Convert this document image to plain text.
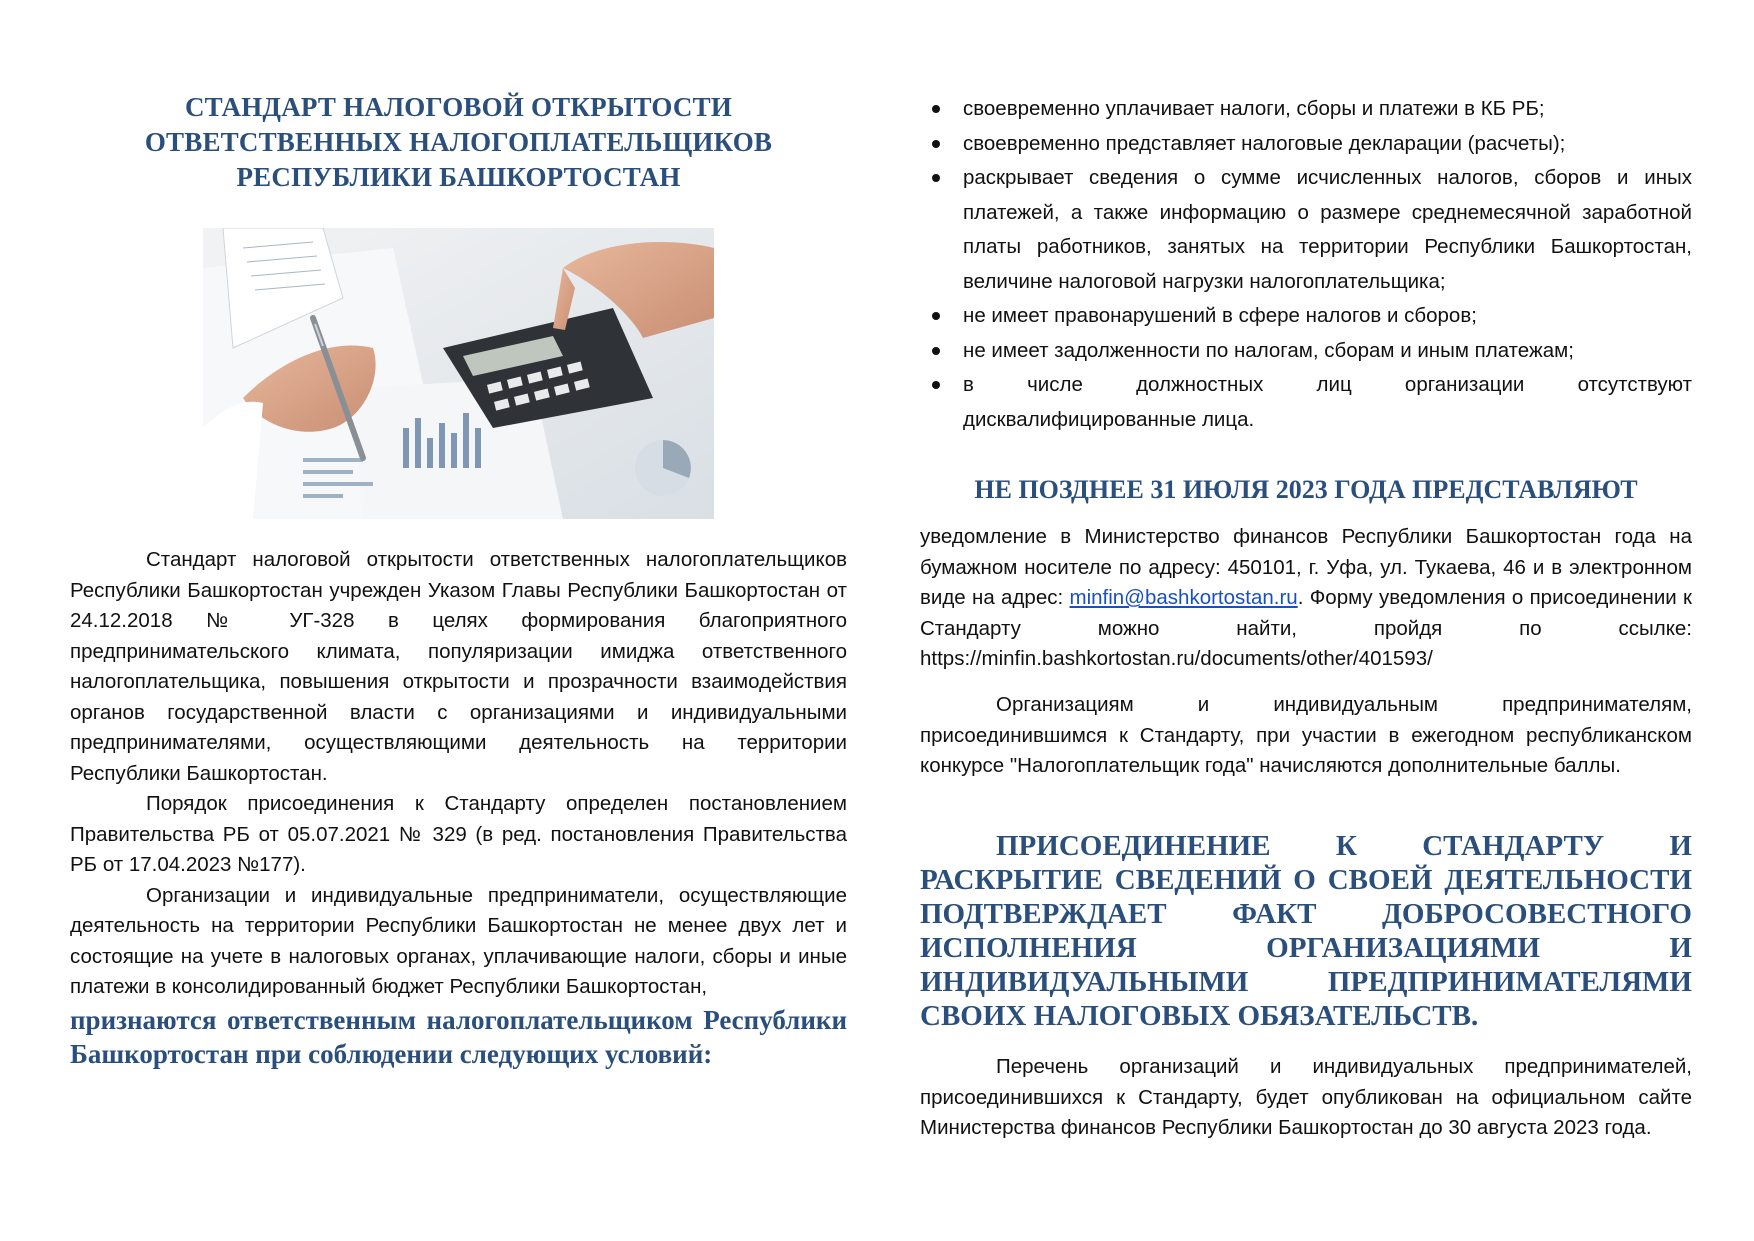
СТАНДАРТ НАЛОГОВОЙ ОТКРЫТОСТИ
ОТВЕТСТВЕННЫХ НАЛОГОПЛАТЕЛЬЩИКОВ
РЕСПУБЛИКИ БАШКОРТОСТАН

Стандарт налоговой открытости ответственных налогоплательщиков Республики Башкортостан учрежден Указом Главы Республики Башкортостан от 24.12.2018 № УГ-328 в целях формирования благоприятного предпринимательского климата, популяризации имиджа ответственного налогоплательщика, повышения открытости и прозрачности взаимодействия органов государственной власти с организациями и индивидуальными предпринимателями, осуществляющими деятельность на территории Республики Башкортостан.

Порядок присоединения к Стандарту определен постановлением Правительства РБ от 05.07.2021 № 329 (в ред. постановления Правительства РБ от 17.04.2023 №177).

Организации и индивидуальные предприниматели, осуществляющие деятельность на территории Республики Башкортостан не менее двух лет и состоящие на учете в налоговых органах, уплачивающие налоги, сборы и иные платежи в консолидированный бюджет Республики Башкортостан,

признаются ответственным налогоплательщиком Республики Башкортостан при соблюдении следующих условий:

своевременно уплачивает налоги, сборы и платежи в КБ РБ;
своевременно представляет налоговые декларации (расчеты);
раскрывает сведения о сумме исчисленных налогов, сборов и иных платежей, а также информацию о размере среднемесячной заработной платы работников, занятых на территории Республики Башкортостан, величине налоговой нагрузки налогоплательщика;
не имеет правонарушений в сфере налогов и сборов;
не имеет задолженности по налогам, сборам и иным платежам;
в числе должностных лиц организации отсутствуют дисквалифицированные лица.
НЕ ПОЗДНЕЕ 31 ИЮЛЯ 2023 ГОДА ПРЕДСТАВЛЯЮТ

уведомление в Министерство финансов Республики Башкортостан года на бумажном носителе по адресу: 450101, г. Уфа, ул. Тукаева, 46 и в электронном виде на адрес: minfin@bashkortostan.ru. Форму уведомления о присоединении к Стандарту можно найти, пройдя по ссылке: https://minfin.bashkortostan.ru/documents/other/401593/

Организациям и индивидуальным предпринимателям, присоединившимся к Стандарту, при участии в ежегодном республиканском конкурсе "Налогоплательщик года" начисляются дополнительные баллы.

ПРИСОЕДИНЕНИЕ К СТАНДАРТУ И РАСКРЫТИЕ СВЕДЕНИЙ О СВОЕЙ ДЕЯТЕЛЬНОСТИ ПОДТВЕРЖДАЕТ ФАКТ ДОБРОСОВЕСТНОГО ИСПОЛНЕНИЯ ОРГАНИЗАЦИЯМИ И ИНДИВИДУАЛЬНЫМИ ПРЕДПРИНИМАТЕЛЯМИ СВОИХ НАЛОГОВЫХ ОБЯЗАТЕЛЬСТВ.

Перечень организаций и индивидуальных предпринимателей, присоединившихся к Стандарту, будет опубликован на официальном сайте Министерства финансов Республики Башкортостан до 30 августа 2023 года.
